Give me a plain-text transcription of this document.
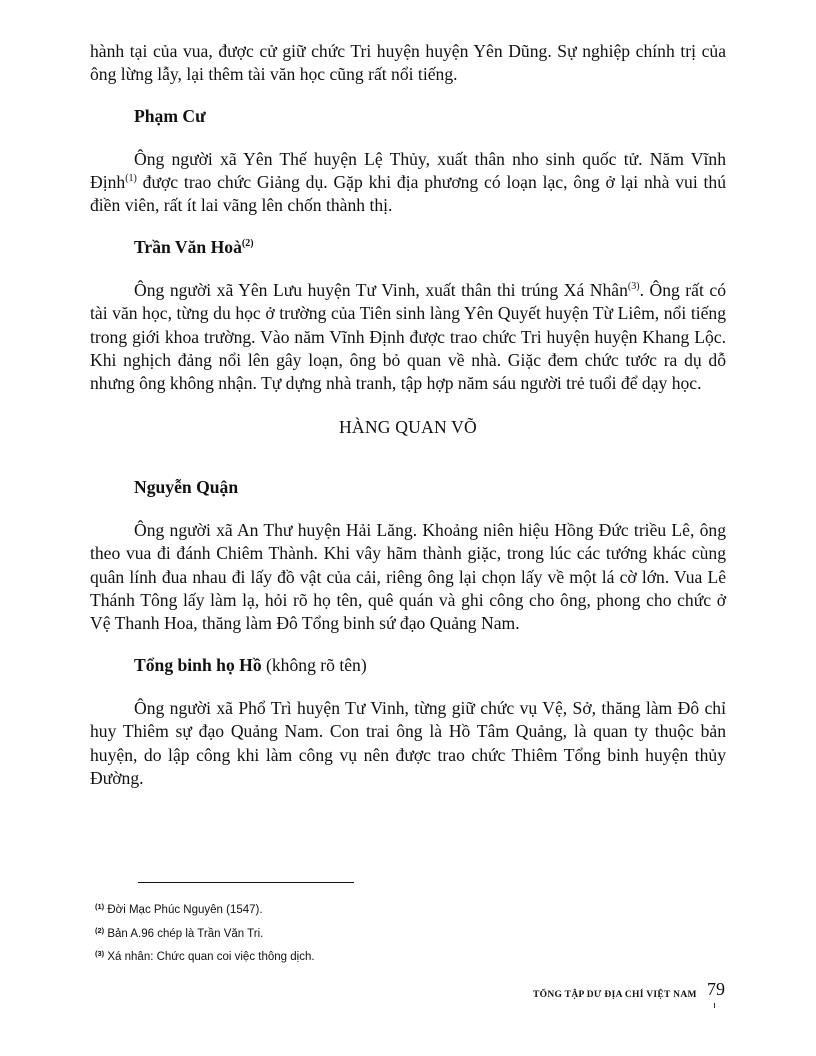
hành tại của vua, được cử giữ chức Tri huyện huyện Yên Dũng. Sự nghiệp chính trị của ông lừng lẫy, lại thêm tài văn học cũng rất nổi tiếng.

Phạm Cư

Ông người xã Yên Thế huyện Lệ Thủy, xuất thân nho sinh quốc tử. Năm Vĩnh Định$^{(1)}$ được trao chức Giảng dụ. Gặp khi địa phương có loạn lạc, ông ở lại nhà vui thú điền viên, rất ít lai vãng lên chốn thành thị.

Trần Văn Hoà$^{(2)}$

Ông người xã Yên Lưu huyện Tư Vinh, xuất thân thi trúng Xá Nhân$^{(3)}$. Ông rất có tài văn học, từng du học ở trường của Tiên sinh làng Yên Quyết huyện Từ Liêm, nổi tiếng trong giới khoa trường. Vào năm Vĩnh Định được trao chức Tri huyện huyện Khang Lộc. Khi nghịch đảng nổi lên gây loạn, ông bỏ quan về nhà. Giặc đem chức tước ra dụ dỗ nhưng ông không nhận. Tự dựng nhà tranh, tập hợp năm sáu người trẻ tuổi để dạy học.

HÀNG QUAN VÕ
Nguyễn Quận

Ông người xã An Thư huyện Hải Lăng. Khoảng niên hiệu Hồng Đức triều Lê, ông theo vua đi đánh Chiêm Thành. Khi vây hãm thành giặc, trong lúc các tướng khác cùng quân lính đua nhau đi lấy đồ vật của cải, riêng ông lại chọn lấy về một lá cờ lớn. Vua Lê Thánh Tông lấy làm lạ, hỏi rõ họ tên, quê quán và ghi công cho ông, phong cho chức ở Vệ Thanh Hoa, thăng làm Đô Tổng binh sứ đạo Quảng Nam.

Tổng binh họ Hồ (không rõ tên)

Ông người xã Phổ Trì huyện Tư Vinh, từng giữ chức vụ Vệ, Sở, thăng làm Đô chỉ huy Thiêm sự đạo Quảng Nam. Con trai ông là Hồ Tâm Quảng, là quan ty thuộc bản huyện, do lập công khi làm công vụ nên được trao chức Thiêm Tổng binh huyện thủy Đường.

$^{(1)}$ Đời Mạc Phúc Nguyên (1547).
$^{(2)}$ Bản A.96 chép là Trần Văn Tri.
$^{(3)}$ Xá nhân: Chức quan coi việc thông dịch.
TỔNG TẬP DƯ ĐỊA CHÍ VIỆT NAM 79
